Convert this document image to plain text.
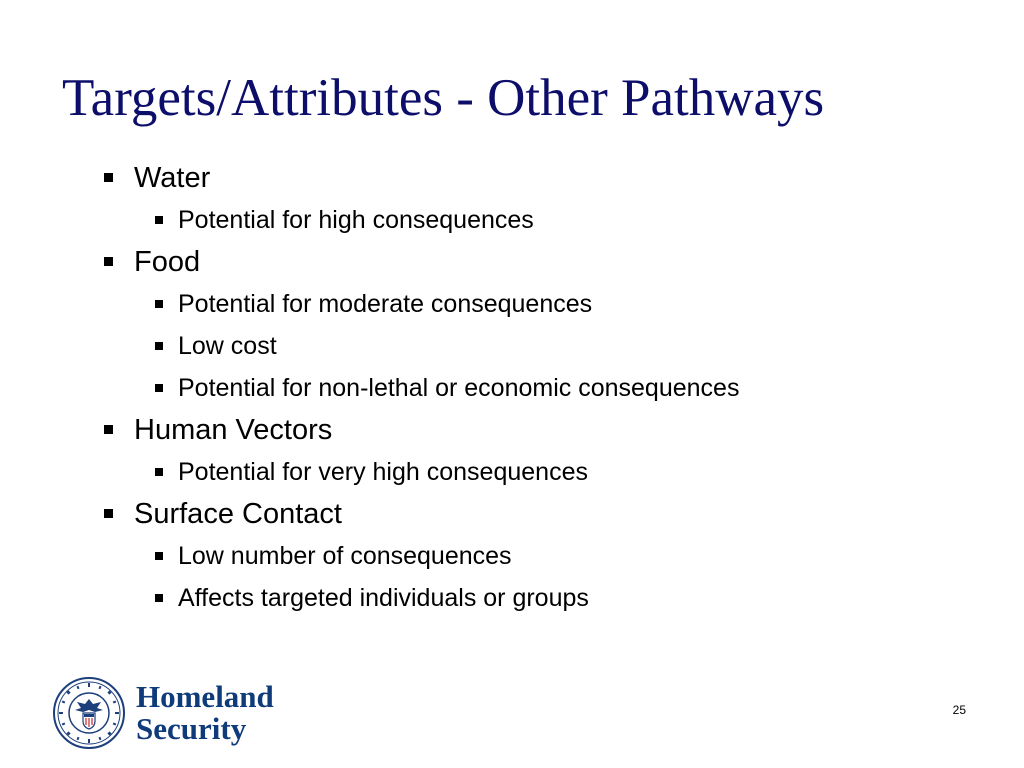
Targets/Attributes - Other Pathways
Water
Potential for high consequences
Food
Potential for moderate consequences
Low cost
Potential for non-lethal or economic consequences
Human Vectors
Potential for very high consequences
Surface Contact
Low number of consequences
Affects targeted individuals or groups
Homeland
Security
25
